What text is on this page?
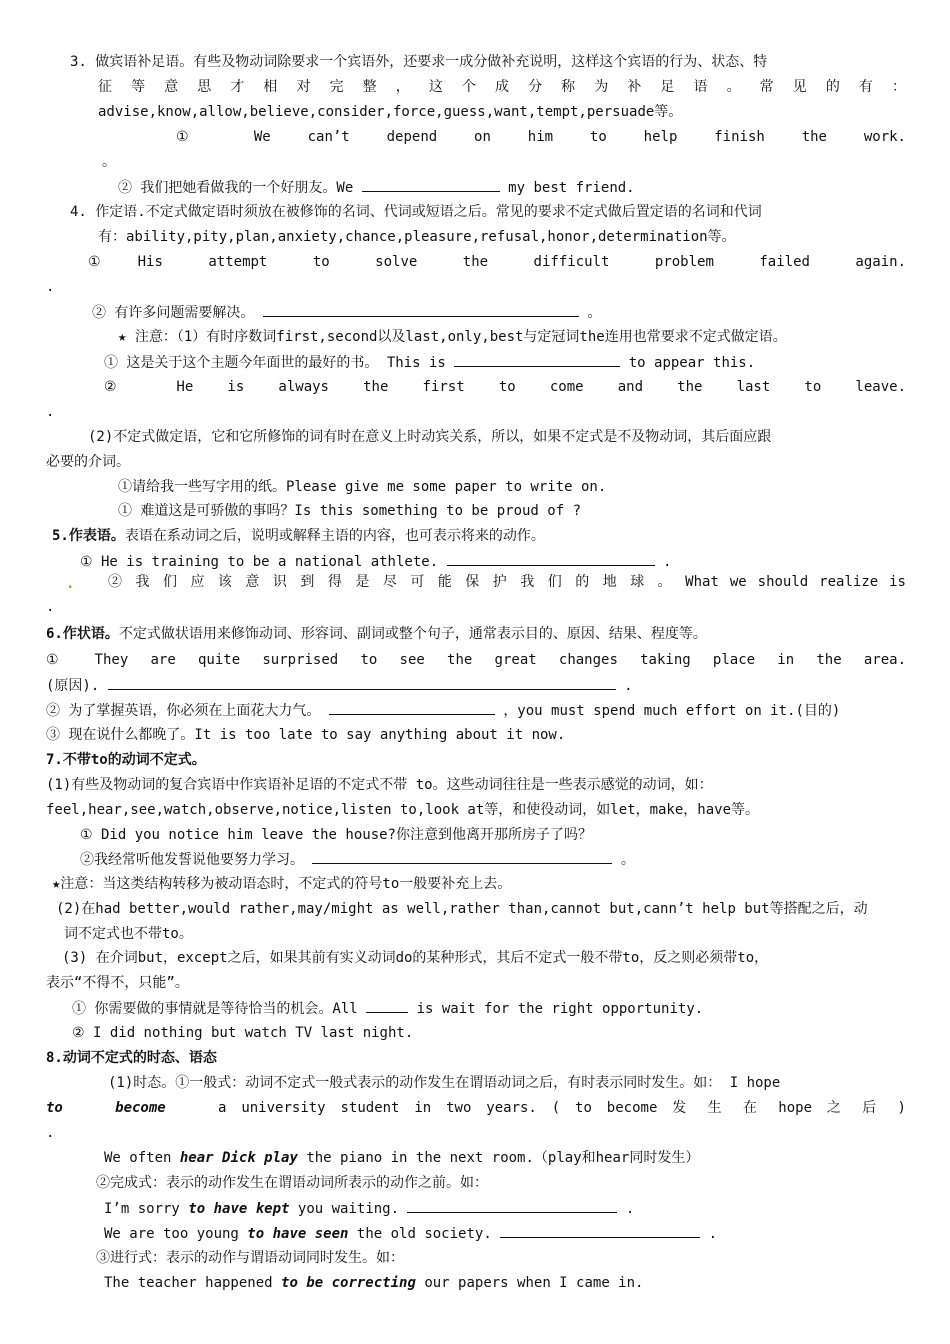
3. 做宾语补足语。有些及物动词除要求一个宾语外，还要求一成分做补充说明，这样这个宾语的行为、状态、特
征 等 意 思 才 相 对 完 整 ， 这 个 成 分 称 为 补 足 语 。 常 见 的 有 ：
advise,know,allow,believe,consider,force,guess,want,tempt,persuade等。
① We can’t depend on him to help finish the work.
。
② 我们把她看做我的一个好朋友。We	my best friend.
4. 作定语.不定式做定语时须放在被修饰的名词、代词或短语之后。常见的要求不定式做后置定语的名词和代词
有：ability,pity,plan,anxiety,chance,pleasure,refusal,honor,determination等。
①His attempt to solve the difficult problem failed again.
.
② 有许多问题需要解决。	。
★ 注意：（1）有时序数词first,second以及last,only,best与定冠词the连用也常要求不定式做定语。
① 这是关于这个主题今年面世的最好的书。 This is	to appear this.
② He is always the first to come and the last to leave.
.
(2)不定式做定语，它和它所修饰的词有时在意义上时动宾关系，所以，如果不定式是不及物动词，其后面应跟
必要的介词。
①请给我一些写字用的纸。Please give me some paper to write on.
① 难道这是可骄傲的事吗？Is this something to be proud of ?
5.作表语。表语在系动词之后，说明或解释主语的内容，也可表示将来的动作。
① He is training to be a national athlete.	.
. ② 我 们 应 该 意 识 到 得 是 尽 可 能 保 护 我 们 的 地 球 。 What we should realize is
.
6.作状语。不定式做状语用来修饰动词、形容词、副词或整个句子，通常表示目的、原因、结果、程度等。
① They are quite surprised to see the great changes taking place in the area.
(原因).	.
② 为了掌握英语，你必须在上面花大力气。	，you must spend much effort on it.(目的)
③ 现在说什么都晚了。It is too late to say anything about it now.
7.不带to的动词不定式。
(1)有些及物动词的复合宾语中作宾语补足语的不定式不带 to。这些动词往往是一些表示感觉的动词，如：
feel,hear,see,watch,observe,notice,listen to,look at等，和使役动词，如let，make，have等。
① Did you notice him leave the house?你注意到他离开那所房子了吗？
②我经常听他发誓说他要努力学习。	。
★注意：当这类结构转移为被动语态时，不定式的符号to一般要补充上去。
(2)在had better,would rather,may/might as well,rather than,cannot but,cann’t help but等搭配之后，动
词不定式也不带to。
(3) 在介词but，except之后，如果其前有实义动词do的某种形式，其后不定式一般不带to，反之则必须带to，
表示“不得不，只能”。
① 你需要做的事情就是等待恰当的机会。All	is wait for the right opportunity.
② I did nothing but watch TV last night.
8.动词不定式的时态、语态
(1)时态。①一般式：动词不定式一般式表示的动作发生在谓语动词之后，有时表示同时发生。如： I hope
to	become	a university student in two years. ( to become 发 生 在 hope 之 后 )
.
We often hear Dick play the piano in the next room.（play和hear同时发生）
②完成式：表示的动作发生在谓语动词所表示的动作之前。如：
I’m sorry to have kept you waiting.	.
We are too young to have seen the old society.	.
③进行式：表示的动作与谓语动词同时发生。如：
The teacher happened to be correcting our papers when I came in.
